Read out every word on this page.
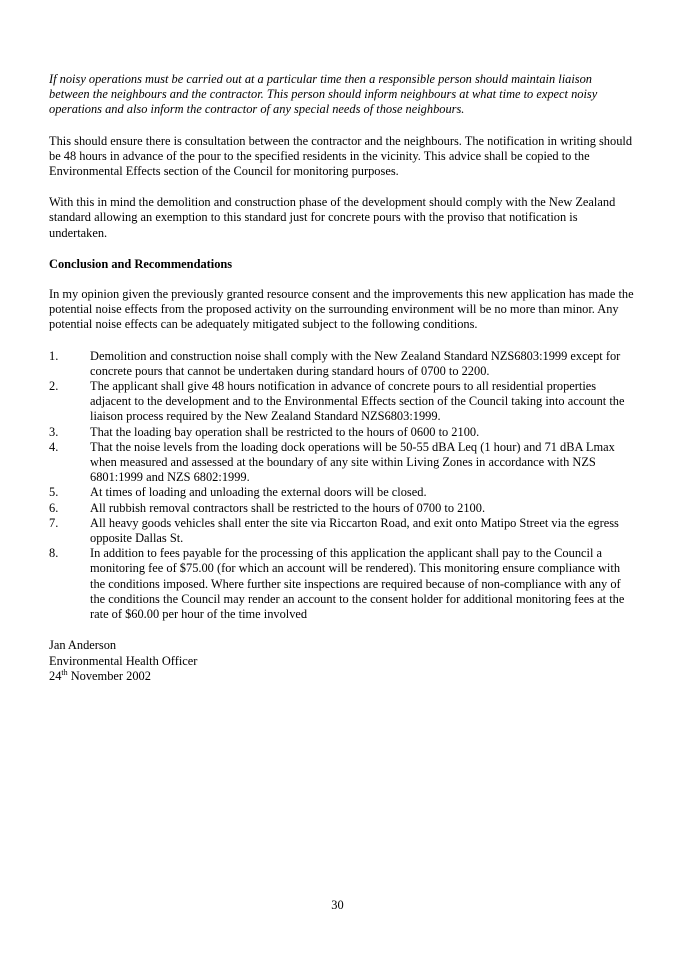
If noisy operations must be carried out at a particular time then a responsible person should maintain liaison between the neighbours and the contractor. This person should inform neighbours at what time to expect noisy operations and also inform the contractor of any special needs of those neighbours.

This should ensure there is consultation between the contractor and the neighbours. The notification in writing should be 48 hours in advance of the pour to the specified residents in the vicinity. This advice shall be copied to the Environmental Effects section of the Council for monitoring purposes.

With this in mind the demolition and construction phase of the development should comply with the New Zealand standard allowing an exemption to this standard just for concrete pours with the proviso that notification is undertaken.

Conclusion and Recommendations

In my opinion given the previously granted resource consent and the improvements this new application has made the potential noise effects from the proposed activity on the surrounding environment will be no more than minor. Any potential noise effects can be adequately mitigated subject to the following conditions.

1.	Demolition and construction noise shall comply with the New Zealand Standard NZS6803:1999 except for concrete pours that cannot be undertaken during standard hours of 0700 to 2200.
2.	The applicant shall give 48 hours notification in advance of concrete pours to all residential properties adjacent to the development and to the Environmental Effects section of the Council taking into account the liaison process required by the New Zealand Standard NZS6803:1999.
3.	That the loading bay operation shall be restricted to the hours of 0600 to 2100.
4.	That the noise levels from the loading dock operations will be 50-55 dBA Leq (1 hour) and 71 dBA Lmax when measured and assessed at the boundary of any site within Living Zones in accordance with NZS 6801:1999 and NZS 6802:1999.
5.	At times of loading and unloading the external doors will be closed.
6.	All rubbish removal contractors shall be restricted to the hours of 0700 to 2100.
7.	All heavy goods vehicles shall enter the site via Riccarton Road, and exit onto Matipo Street via the egress opposite Dallas St.
8.	In addition to fees payable for the processing of this application the applicant shall pay to the Council a monitoring fee of $75.00 (for which an account will be rendered). This monitoring ensure compliance with the conditions imposed. Where further site inspections are required because of non-compliance with any of the conditions the Council may render an account to the consent holder for additional monitoring fees at the rate of $60.00 per hour of the time involved
Jan Anderson
Environmental Health Officer
24th November 2002
30
